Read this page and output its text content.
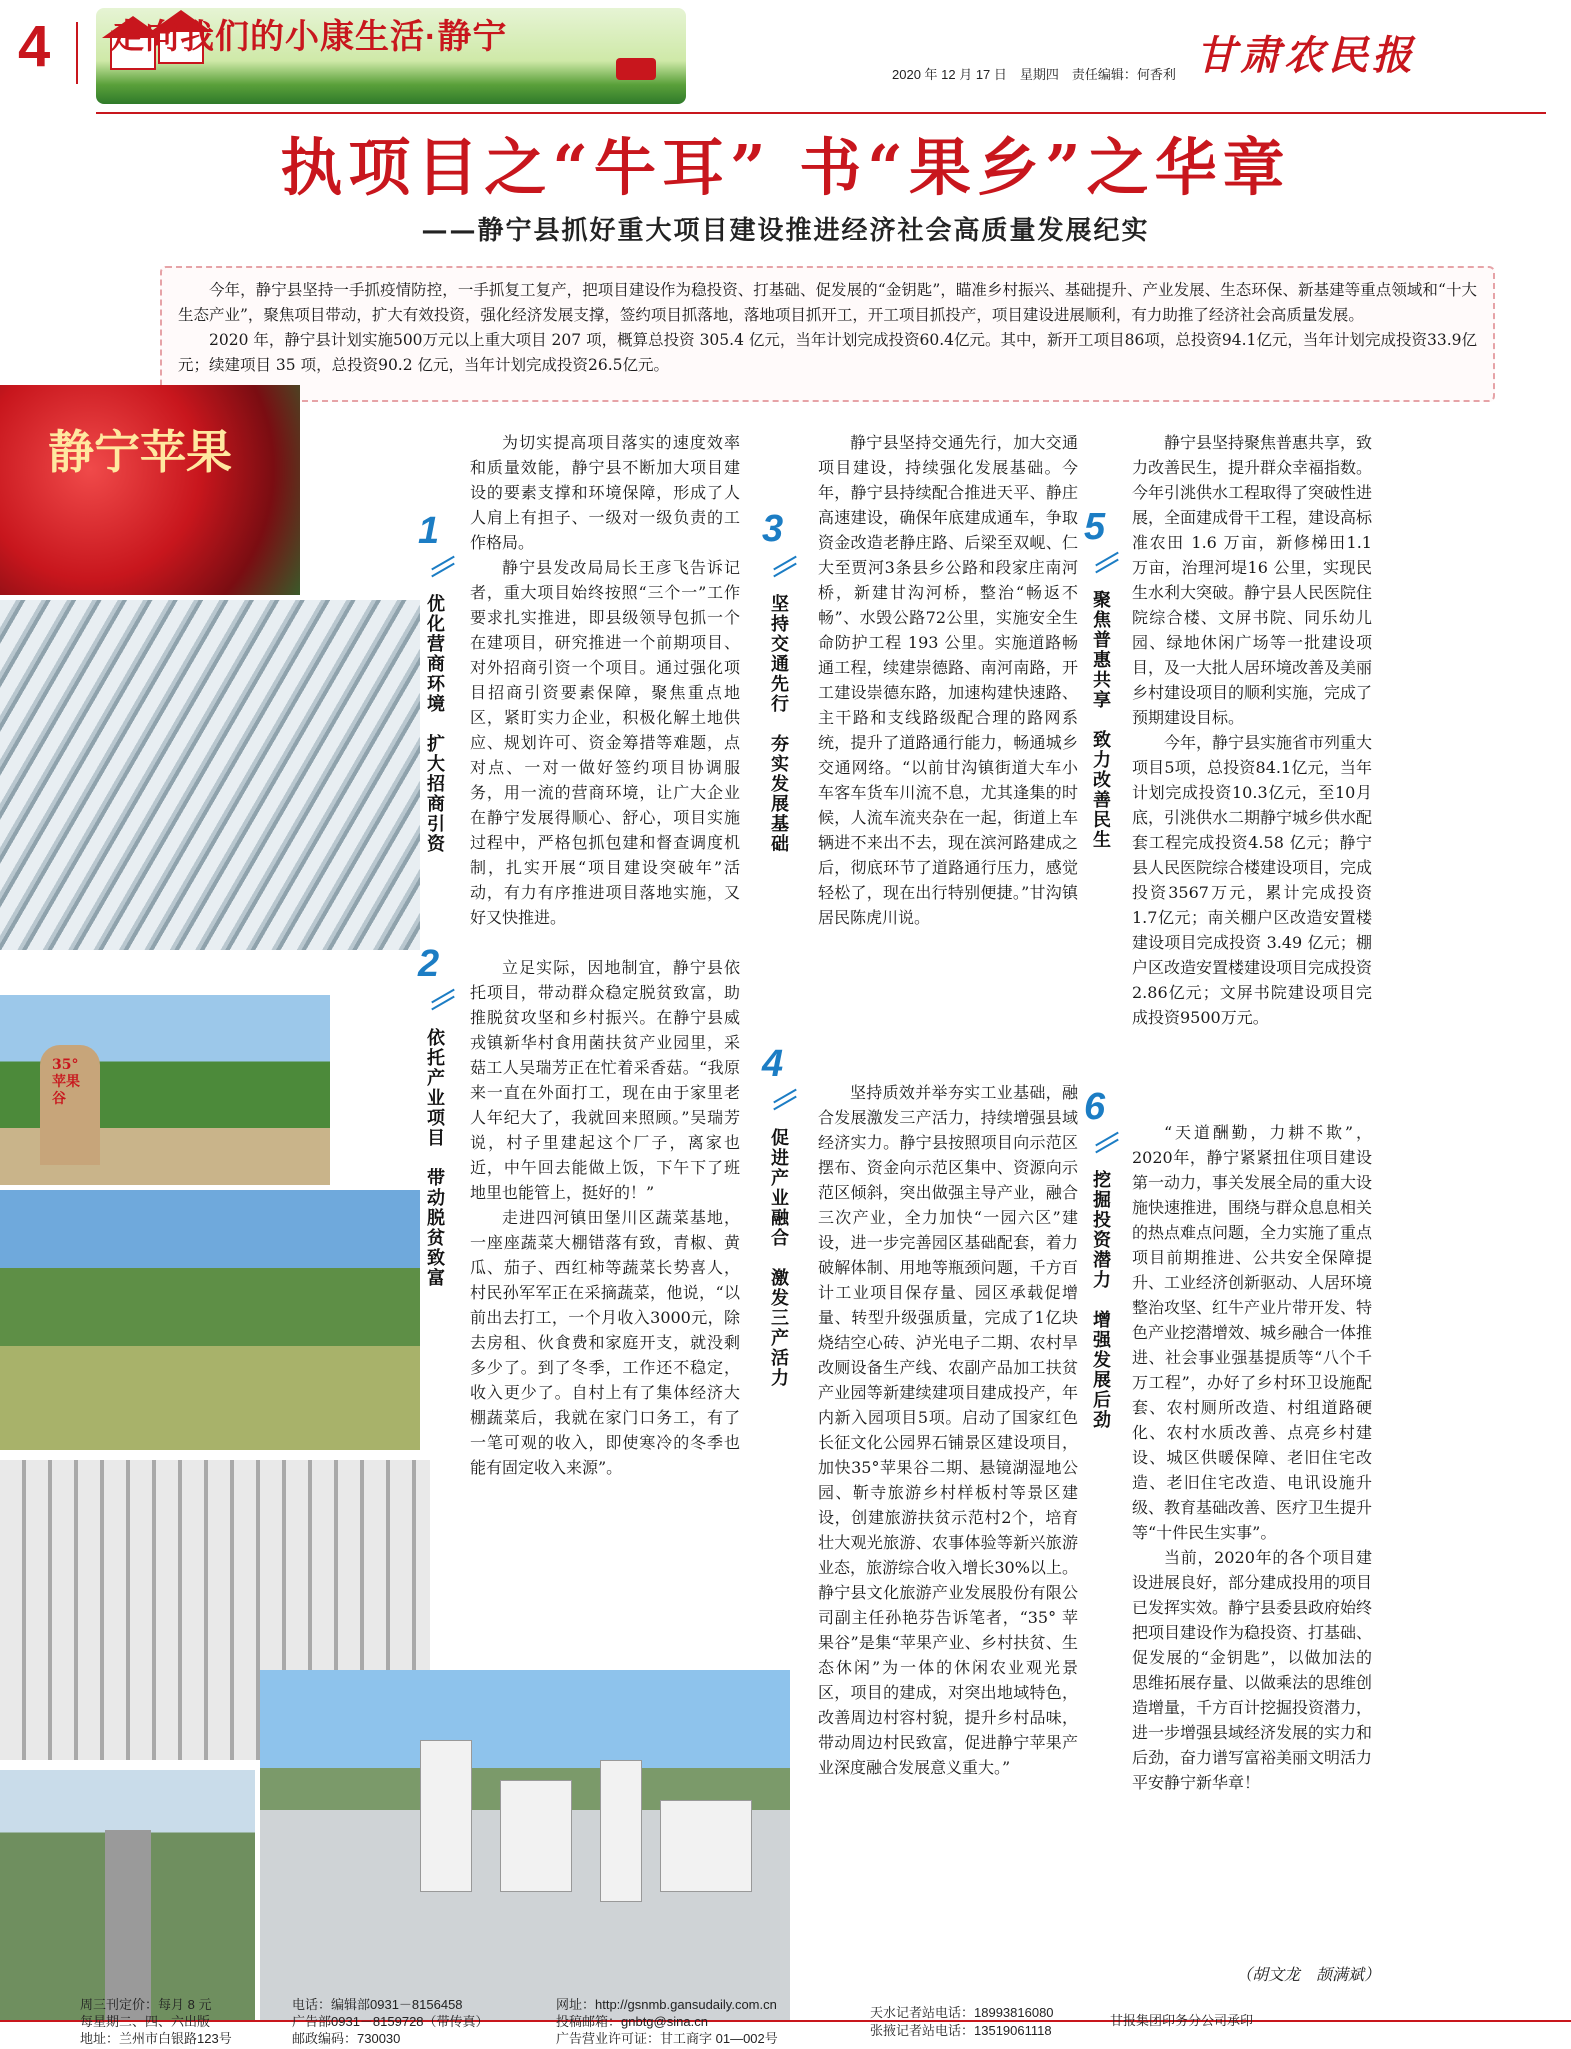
4	走向我们的小康生活·静宁
2020 年 12 月 17 日　星期四　责任编辑：何香利 甘肃农民报
执项目之“牛耳” 书“果乡”之华章
——静宁县抓好重大项目建设推进经济社会高质量发展纪实

今年，静宁县坚持一手抓疫情防控，一手抓复工复产，把项目建设作为稳投资、打基础、促发展的“金钥匙”，瞄准乡村振兴、基础提升、产业发展、生态环保、新基建等重点领域和“十大生态产业”，聚焦项目带动，扩大有效投资，强化经济发展支撑，签约项目抓落地，落地项目抓开工，开工项目抓投产，项目建设进展顺利，有力助推了经济社会高质量发展。

2020 年，静宁县计划实施500万元以上重大项目 207 项，概算总投资 305.4 亿元，当年计划完成投资60.4亿元。其中，新开工项目86项，总投资94.1亿元，当年计划完成投资33.9亿元；续建项目 35 项，总投资90.2 亿元，当年计划完成投资26.5亿元。

静宁苹果
35°苹果谷
1
优化营商环境　扩大招商引资

为切实提高项目落实的速度效率和质量效能，静宁县不断加大项目建设的要素支撑和环境保障，形成了人人肩上有担子、一级对一级负责的工作格局。

静宁县发改局局长王彦飞告诉记者，重大项目始终按照“三个一”工作要求扎实推进，即县级领导包抓一个在建项目，研究推进一个前期项目、对外招商引资一个项目。通过强化项目招商引资要素保障，聚焦重点地区，紧盯实力企业，积极化解土地供应、规划许可、资金筹措等难题，点对点、一对一做好签约项目协调服务，用一流的营商环境，让广大企业在静宁发展得顺心、舒心，项目实施过程中，严格包抓包建和督查调度机制，扎实开展“项目建设突破年”活动，有力有序推进项目落地实施，又好又快推进。

2
依托产业项目　带动脱贫致富

立足实际，因地制宜，静宁县依托项目，带动群众稳定脱贫致富，助推脱贫攻坚和乡村振兴。在静宁县威戎镇新华村食用菌扶贫产业园里，采菇工人吴瑞芳正在忙着采香菇。“我原来一直在外面打工，现在由于家里老人年纪大了，我就回来照顾。”吴瑞芳说，村子里建起这个厂子，离家也近，中午回去能做上饭，下午下了班地里也能管上，挺好的！”

走进四河镇田堡川区蔬菜基地，一座座蔬菜大棚错落有致，青椒、黄瓜、茄子、西红柿等蔬菜长势喜人，村民孙军军正在采摘蔬菜，他说，“以前出去打工，一个月收入3000元，除去房租、伙食费和家庭开支，就没剩多少了。到了冬季，工作还不稳定，收入更少了。自村上有了集体经济大棚蔬菜后，我就在家门口务工，有了一笔可观的收入，即使寒冷的冬季也能有固定收入来源”。

3
坚持交通先行　夯实发展基础

静宁县坚持交通先行，加大交通项目建设，持续强化发展基础。今年，静宁县持续配合推进天平、静庄高速建设，确保年底建成通车，争取资金改造老静庄路、后梁至双岘、仁大至贾河3条县乡公路和段家庄南河桥，新建甘沟河桥，整治“畅返不畅”、水毁公路72公里，实施安全生命防护工程 193 公里。实施道路畅通工程，续建崇德路、南河南路，开工建设崇德东路，加速构建快速路、主干路和支线路级配合理的路网系统，提升了道路通行能力，畅通城乡交通网络。“以前甘沟镇街道大车小车客车货车川流不息，尤其逢集的时候，人流车流夹杂在一起，街道上车辆进不来出不去，现在滨河路建成之后，彻底环节了道路通行压力，感觉轻松了，现在出行特别便捷。”甘沟镇居民陈虎川说。

4
促进产业融合　激发三产活力

坚持质效并举夯实工业基础，融合发展激发三产活力，持续增强县域经济实力。静宁县按照项目向示范区摆布、资金向示范区集中、资源向示范区倾斜，突出做强主导产业，融合三次产业，全力加快“一园六区”建设，进一步完善园区基础配套，着力破解体制、用地等瓶颈问题，千方百计工业项目保存量、园区承载促增量、转型升级强质量，完成了1亿块烧结空心砖、泸光电子二期、农村旱改厕设备生产线、农副产品加工扶贫产业园等新建续建项目建成投产，年内新入园项目5项。启动了国家红色长征文化公园界石铺景区建设项目，加快35°苹果谷二期、悬镜湖湿地公园、靳寺旅游乡村样板村等景区建设，创建旅游扶贫示范村2个，培育壮大观光旅游、农事体验等新兴旅游业态，旅游综合收入增长30%以上。静宁县文化旅游产业发展股份有限公司副主任孙艳芬告诉笔者，“35° 苹果谷”是集“苹果产业、乡村扶贫、生态休闲”为一体的休闲农业观光景区，项目的建成，对突出地域特色，改善周边村容村貌，提升乡村品味，带动周边村民致富，促进静宁苹果产业深度融合发展意义重大。”

5
聚焦普惠共享　致力改善民生

静宁县坚持聚焦普惠共享，致力改善民生，提升群众幸福指数。今年引洮供水工程取得了突破性进展，全面建成骨干工程，建设高标准农田 1.6 万亩，新修梯田1.1 万亩，治理河堤16 公里，实现民生水利大突破。静宁县人民医院住院综合楼、文屏书院、同乐幼儿园、绿地休闲广场等一批建设项目，及一大批人居环境改善及美丽乡村建设项目的顺利实施，完成了预期建设目标。

今年，静宁县实施省市列重大项目5项，总投资84.1亿元，当年计划完成投资10.3亿元，至10月底，引洮供水二期静宁城乡供水配套工程完成投资4.58 亿元；静宁县人民医院综合楼建设项目，完成投资3567万元，累计完成投资1.7亿元；南关棚户区改造安置楼建设项目完成投资 3.49 亿元；棚户区改造安置楼建设项目完成投资2.86亿元；文屏书院建设项目完成投资9500万元。

6
挖掘投资潜力　增强发展后劲

“天道酬勤，力耕不欺”，2020年，静宁紧紧扭住项目建设第一动力，事关发展全局的重大设施快速推进，围绕与群众息息相关的热点难点问题，全力实施了重点项目前期推进、公共安全保障提升、工业经济创新驱动、人居环境整治攻坚、红牛产业片带开发、特色产业挖潜增效、城乡融合一体推进、社会事业强基提质等“八个千万工程”，办好了乡村环卫设施配套、农村厕所改造、村组道路硬化、农村水质改善、点亮乡村建设、城区供暖保障、老旧住宅改造、老旧住宅改造、电讯设施升级、教育基础改善、医疗卫生提升等“十件民生实事”。

当前，2020年的各个项目建设进展良好，部分建成投用的项目已发挥实效。静宁县委县政府始终把项目建设作为稳投资、打基础、促发展的“金钥匙”，以做加法的思维拓展存量、以做乘法的思维创造增量，千方百计挖掘投资潜力，进一步增强县域经济发展的实力和后劲，奋力谱写富裕美丽文明活力平安静宁新华章！

（胡文龙　颉满斌）
周三刊定价：每月 8 元
每星期二、四、六出版
地址：兰州市白银路123号
电话：编辑部0931－8156458
广告部0931－8159728（带传真）
邮政编码：730030
网址：http://gsnmb.gansudaily.com.cn
投稿邮箱：gnbtg@sina.cn
广告营业许可证：甘工商字 01—002号
天水记者站电话：18993816080
张掖记者站电话：13519061118
甘报集团印务分公司承印
